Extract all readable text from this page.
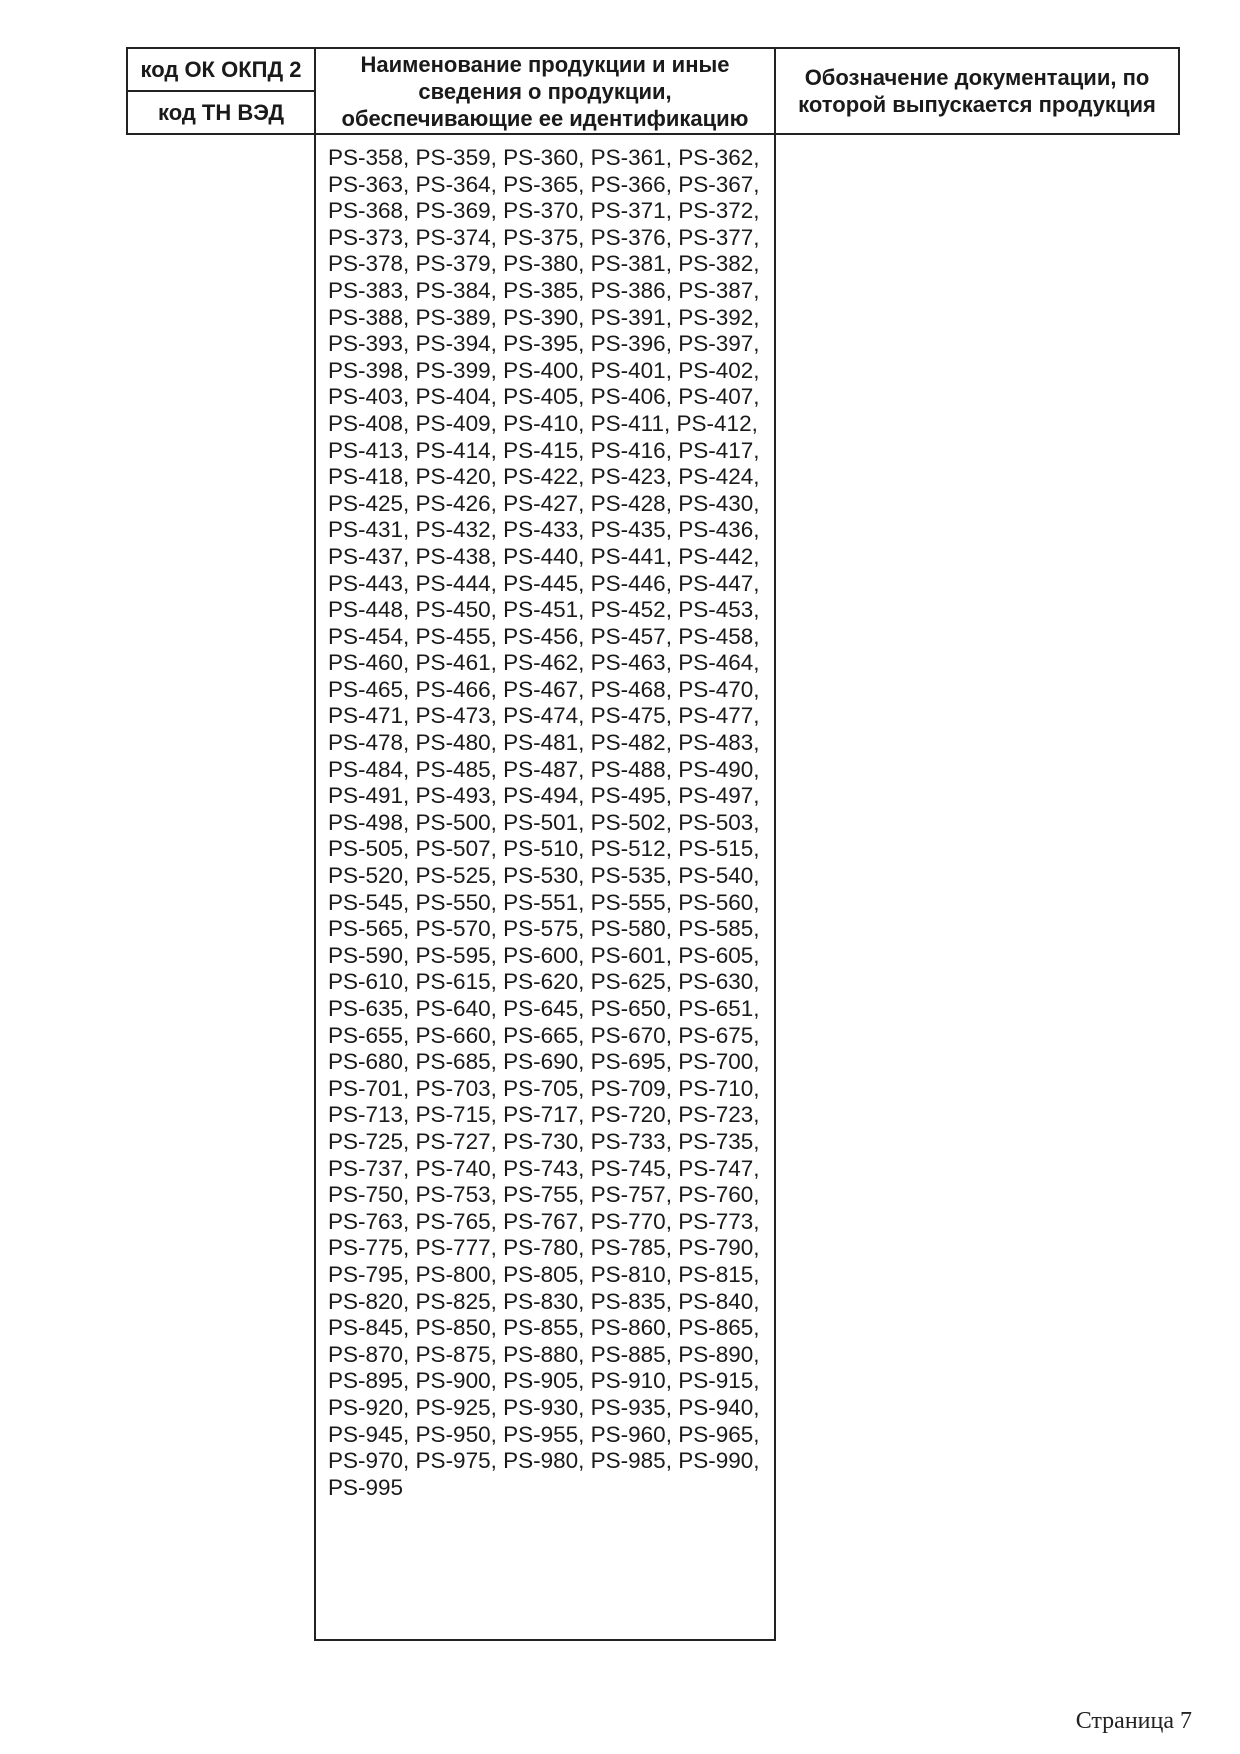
код ОК ОКПД 2
код ТН ВЭД
Наименование продукции и иные сведения о продукции, обеспечивающие ее идентификацию
Обозначение документации, по которой выпускается продукция

PS-358, PS-359, PS-360, PS-361, PS-362, PS-363, PS-364, PS-365, PS-366, PS-367, PS-368, PS-369, PS-370, PS-371, PS-372, PS-373, PS-374, PS-375, PS-376, PS-377, PS-378, PS-379, PS-380, PS-381, PS-382, PS-383, PS-384, PS-385, PS-386, PS-387, PS-388, PS-389, PS-390, PS-391, PS-392, PS-393, PS-394, PS-395, PS-396, PS-397, PS-398, PS-399, PS-400, PS-401, PS-402, PS-403, PS-404, PS-405, PS-406, PS-407, PS-408, PS-409, PS-410, PS-411, PS-412, PS-413, PS-414, PS-415, PS-416, PS-417, PS-418, PS-420, PS-422, PS-423, PS-424, PS-425, PS-426, PS-427, PS-428, PS-430, PS-431, PS-432, PS-433, PS-435, PS-436, PS-437, PS-438, PS-440, PS-441, PS-442, PS-443, PS-444, PS-445, PS-446, PS-447, PS-448, PS-450, PS-451, PS-452, PS-453, PS-454, PS-455, PS-456, PS-457, PS-458, PS-460, PS-461, PS-462, PS-463, PS-464, PS-465, PS-466, PS-467, PS-468, PS-470, PS-471, PS-473, PS-474, PS-475, PS-477, PS-478, PS-480, PS-481, PS-482, PS-483, PS-484, PS-485, PS-487, PS-488, PS-490, PS-491, PS-493, PS-494, PS-495, PS-497, PS-498, PS-500, PS-501, PS-502, PS-503, PS-505, PS-507, PS-510, PS-512, PS-515, PS-520, PS-525, PS-530, PS-535, PS-540, PS-545, PS-550, PS-551, PS-555, PS-560, PS-565, PS-570, PS-575, PS-580, PS-585, PS-590, PS-595, PS-600, PS-601, PS-605, PS-610, PS-615, PS-620, PS-625, PS-630, PS-635, PS-640, PS-645, PS-650, PS-651, PS-655, PS-660, PS-665, PS-670, PS-675, PS-680, PS-685, PS-690, PS-695, PS-700, PS-701, PS-703, PS-705, PS-709, PS-710, PS-713, PS-715, PS-717, PS-720, PS-723, PS-725, PS-727, PS-730, PS-733, PS-735, PS-737, PS-740, PS-743, PS-745, PS-747, PS-750, PS-753, PS-755, PS-757, PS-760, PS-763, PS-765, PS-767, PS-770, PS-773, PS-775, PS-777, PS-780, PS-785, PS-790, PS-795, PS-800, PS-805, PS-810, PS-815, PS-820, PS-825, PS-830, PS-835, PS-840, PS-845, PS-850, PS-855, PS-860, PS-865, PS-870, PS-875, PS-880, PS-885, PS-890, PS-895, PS-900, PS-905, PS-910, PS-915, PS-920, PS-925, PS-930, PS-935, PS-940, PS-945, PS-950, PS-955, PS-960, PS-965, PS-970, PS-975, PS-980, PS-985, PS-990, PS-995

Страница 7
